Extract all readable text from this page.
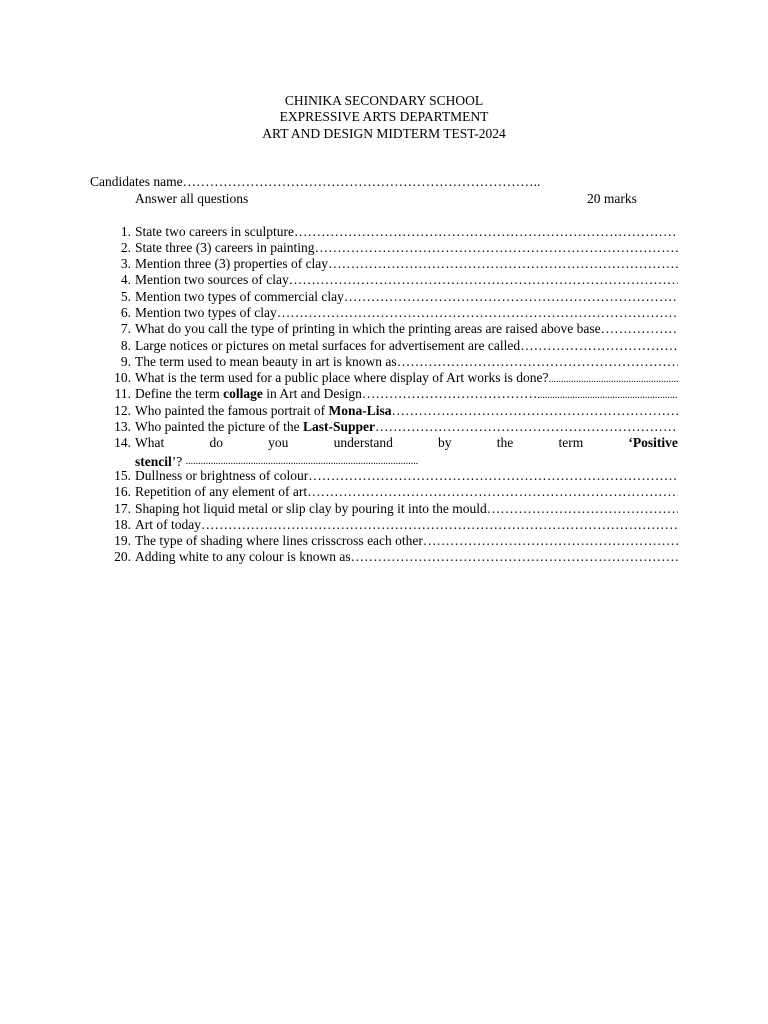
CHINIKA SECONDARY SCHOOL
EXPRESSIVE ARTS DEPARTMENT
ART AND DESIGN MIDTERM TEST-2024
Candidates name……………………………………………………………………..
Answer all questions	20 marks
1. State two careers in sculpture ………………………………………………………………………………………………………………………………………………………………
2. State three (3) careers in painting ………………………………………………………………………………………………………………………………………………………………
3. Mention three (3) properties of clay ………………………………………………………………………………………………………………………………………………………………
4. Mention two sources of clay ………………………………………………………………………………………………………………………………………………………………
5. Mention two types of commercial clay ………………………………………………………………………………………………………………………………………………………………
6. Mention two types of clay ………………………………………………………………………………………………………………………………………………………………
7. What do you call the type of printing in which the printing areas are raised above base ………………………………………………………………………………………………………………………………………………………………
8. Large notices or pictures on metal surfaces for advertisement are called ………………………………………………………………………………………………………………………………………………………………
9. The term used to mean beauty in art is known as ………………………………………………………………………………………………………………………………………………………………
10. What is the term used for a public place where display of Art works is done? .....
11. Define the term collage in Art and Design………………………………… .....
12. Who painted the famous portrait of Mona-Lisa ………………………………………………………………………………………………………………………………………………………………
13. Who painted the picture of the Last-Supper ………………………………………………………………………………………………………………………………………………………………
14. What	do	you	understand	by	the	term	‘Positive
stencil’? .....
15. Dullness or brightness of colour ………………………………………………………………………………………………………………………………………………………………
16. Repetition of any element of art ………………………………………………………………………………………………………………………………………………………………
17. Shaping hot liquid metal or slip clay by pouring it into the mould ………………………………………………………………………………………………………………………………………………………………
18. Art of today ………………………………………………………………………………………………………………………………………………………………
19. The type of shading where lines crisscross each other ………………………………………………………………………………………………………………………………………………………………
20. Adding white to any colour is known as ………………………………………………………………………………………………………………………………………………………………
